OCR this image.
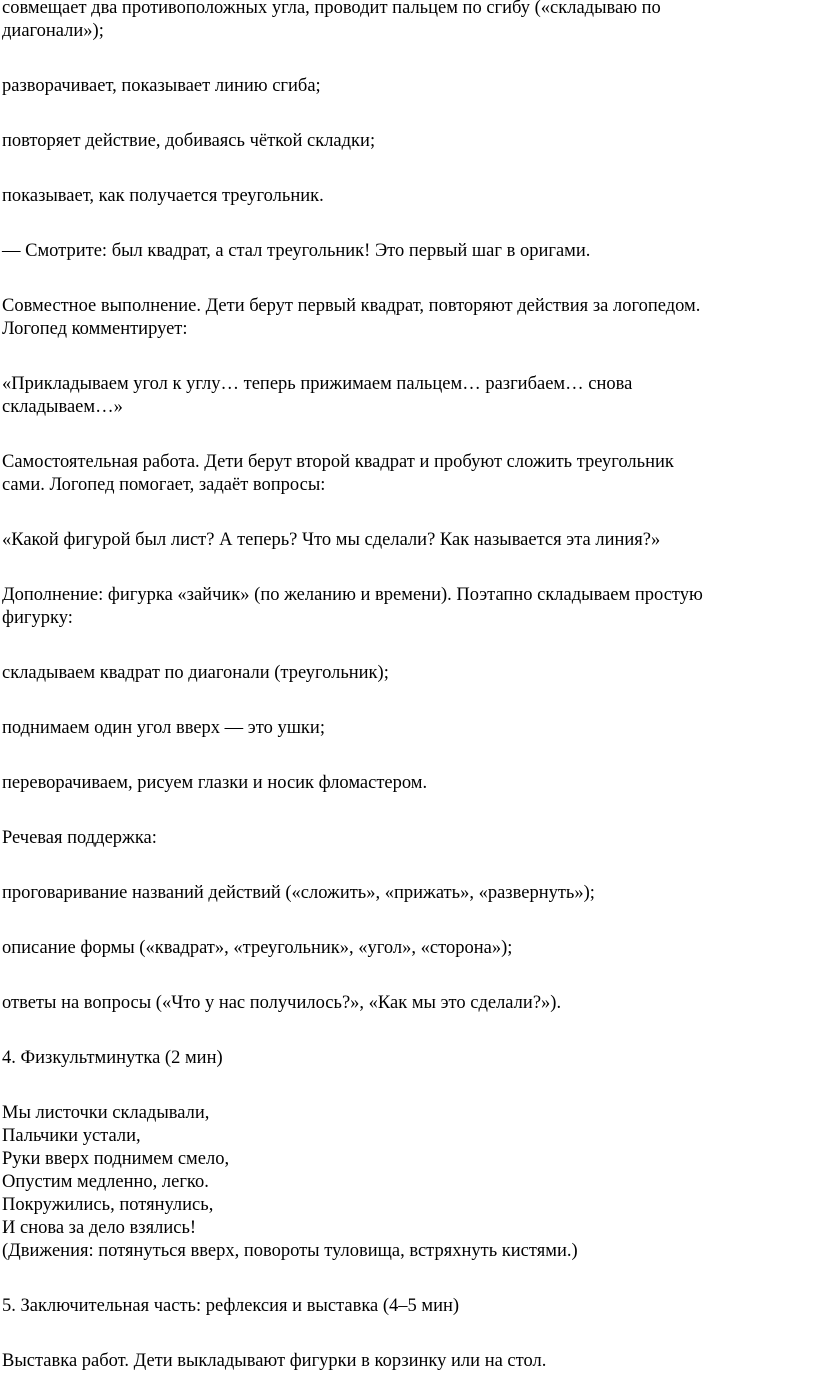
совмещает два противоположных угла, проводит пальцем по сгибу («складываю по
диагонали»);

разворачивает, показывает линию сгиба;

повторяет действие, добиваясь чёткой складки;

показывает, как получается треугольник.

— Смотрите: был квадрат, а стал треугольник! Это первый шаг в оригами.

Совместное выполнение. Дети берут первый квадрат, повторяют действия за логопедом.
Логопед комментирует:

«Прикладываем угол к углу… теперь прижимаем пальцем… разгибаем… снова
складываем…»

Самостоятельная работа. Дети берут второй квадрат и пробуют сложить треугольник
сами. Логопед помогает, задаёт вопросы:

«Какой фигурой был лист? А теперь? Что мы сделали? Как называется эта линия?»

Дополнение: фигурка «зайчик» (по желанию и времени). Поэтапно складываем простую
фигурку:

складываем квадрат по диагонали (треугольник);

поднимаем один угол вверх — это ушки;

переворачиваем, рисуем глазки и носик фломастером.

Речевая поддержка:

проговаривание названий действий («сложить», «прижать», «развернуть»);

описание формы («квадрат», «треугольник», «угол», «сторона»);

ответы на вопросы («Что у нас получилось?», «Как мы это сделали?»).

4. Физкультминутка (2 мин)

Мы листочки складывали,
Пальчики устали,
Руки вверх поднимем смело,
Опустим медленно, легко.
Покружились, потянулись,
И снова за дело взялись!
(Движения: потянуться вверх, повороты туловища, встряхнуть кистями.)

5. Заключительная часть: рефлексия и выставка (4–5 мин)

Выставка работ. Дети выкладывают фигурки в корзинку или на стол.
